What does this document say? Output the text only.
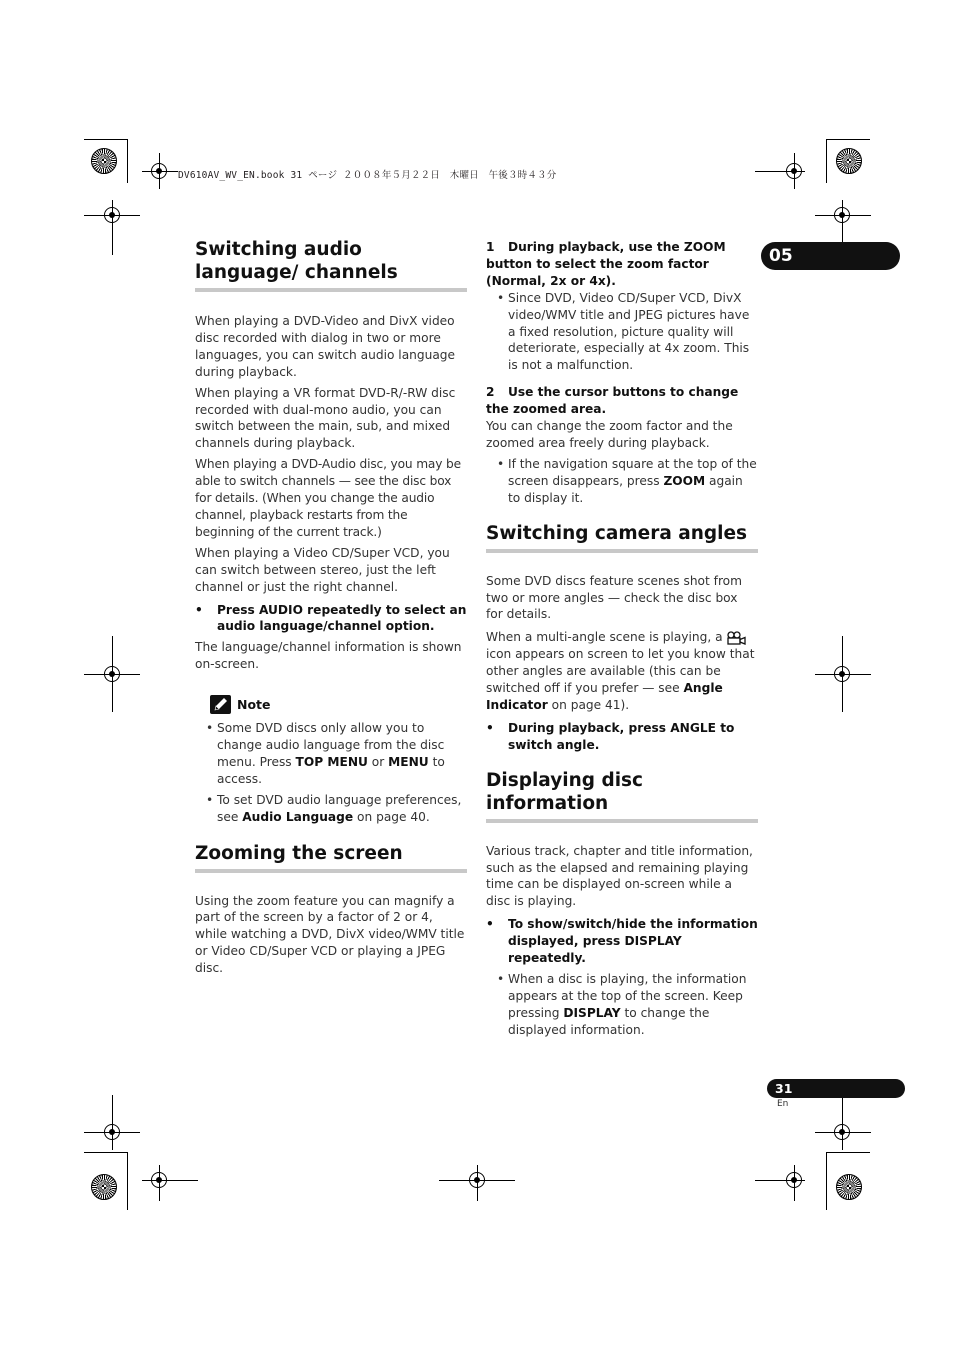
DV610AV_WV_EN.book 31 ページ ２００８年５月２２日　木曜日　午後３時４３分
05
Switching audio language/ channels

When playing a DVD-Video and DivX video disc recorded with dialog in two or more languages, you can switch audio language during playback.

When playing a VR format DVD-R/-RW disc recorded with dual-mono audio, you can switch between the main, sub, and mixed channels during playback.

When playing a DVD-Audio disc, you may be able to switch channels — see the disc box for details. (When you change the audio channel, playback restarts from the beginning of the current track.)

When playing a Video CD/Super VCD, you can switch between stereo, just the left channel or just the right channel.

• Press AUDIO repeatedly to select an audio language/channel option.

The language/channel information is shown on-screen.

Note

• Some DVD discs only allow you to change audio language from the disc menu. Press TOP MENU or MENU to access.

• To set DVD audio language preferences, see Audio Language on page 40.

Zooming the screen

Using the zoom feature you can magnify a part of the screen by a factor of 2 or 4, while watching a DVD, DivX video/WMV title or Video CD/Super VCD or playing a JPEG disc.

1 During playback, use the ZOOM button to select the zoom factor (Normal, 2x or 4x).

• Since DVD, Video CD/Super VCD, DivX video/WMV title and JPEG pictures have a fixed resolution, picture quality will deteriorate, especially at 4x zoom. This is not a malfunction.

2 Use the cursor buttons to change the zoomed area.

You can change the zoom factor and the zoomed area freely during playback.

• If the navigation square at the top of the screen disappears, press ZOOM again to display it.

Switching camera angles

Some DVD discs feature scenes shot from two or more angles — check the disc box for details.

When a multi-angle scene is playing, a  icon appears on screen to let you know that other angles are available (this can be switched off if you prefer — see Angle Indicator on page 41).

• During playback, press ANGLE to switch angle.

Displaying disc information

Various track, chapter and title information, such as the elapsed and remaining playing time can be displayed on-screen while a disc is playing.

• To show/switch/hide the information displayed, press DISPLAY repeatedly.

• When a disc is playing, the information appears at the top of the screen. Keep pressing DISPLAY to change the displayed information.

31
En
